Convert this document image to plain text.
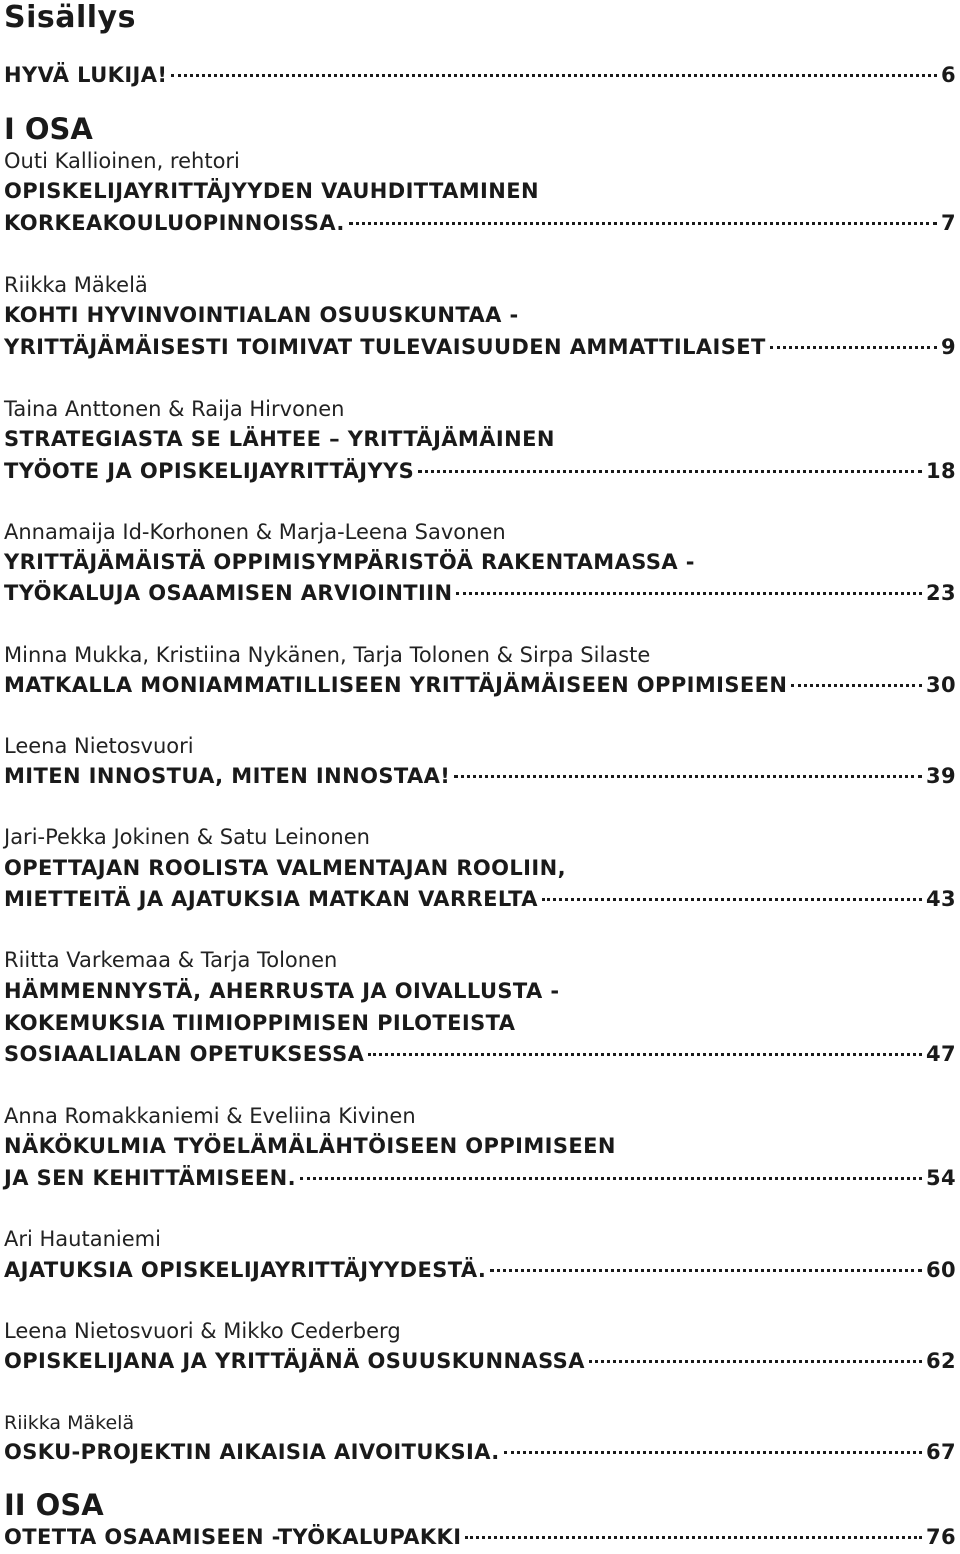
Sisällys
HYVÄ LUKIJA!	6
I OSA
Outi Kallioinen, rehtori
OPISKELIJAYRITTÄJYYDEN VAUHDITTAMINEN
KORKEAKOULUOPINNOISSA.	7
Riikka Mäkelä
KOHTI HYVINVOINTIALAN OSUUSKUNTAA -
YRITTÄJÄMÄISESTI TOIMIVAT TULEVAISUUDEN AMMATTILAISET	9
Taina Anttonen & Raija Hirvonen
STRATEGIASTA SE LÄHTEE – YRITTÄJÄMÄINEN
TYÖOTE JA OPISKELIJAYRITTÄJYYS	18
Annamaija Id-Korhonen & Marja-Leena Savonen
YRITTÄJÄMÄISTÄ OPPIMISYMPÄRISTÖÄ RAKENTAMASSA -
TYÖKALUJA OSAAMISEN ARVIOINTIIN	23
Minna Mukka, Kristiina Nykänen, Tarja Tolonen & Sirpa Silaste
MATKALLA MONIAMMATILLISEEN YRITTÄJÄMÄISEEN OPPIMISEEN	30
Leena Nietosvuori
MITEN INNOSTUA, MITEN INNOSTAA!	39
Jari-Pekka Jokinen & Satu Leinonen
OPETTAJAN ROOLISTA VALMENTAJAN ROOLIIN,
MIETTEITÄ JA AJATUKSIA MATKAN VARRELTA	43
Riitta Varkemaa & Tarja Tolonen
HÄMMENNYSTÄ, AHERRUSTA JA OIVALLUSTA -
KOKEMUKSIA TIIMIOPPIMISEN PILOTEISTA
SOSIAALIALAN OPETUKSESSA	47
Anna Romakkaniemi & Eveliina Kivinen
NÄKÖKULMIA TYÖELÄMÄLÄHTÖISEEN OPPIMISEEN
JA SEN KEHITTÄMISEEN.	54
Ari Hautaniemi
AJATUKSIA OPISKELIJAYRITTÄJYYDESTÄ.	60
Leena Nietosvuori & Mikko Cederberg
OPISKELIJANA JA YRITTÄJÄNÄ OSUUSKUNNASSA	62
Riikka Mäkelä
OSKU-PROJEKTIN AIKAISIA AIVOITUKSIA.	67
II OSA
OTETTA OSAAMISEEN -TYÖKALUPAKKI	76
